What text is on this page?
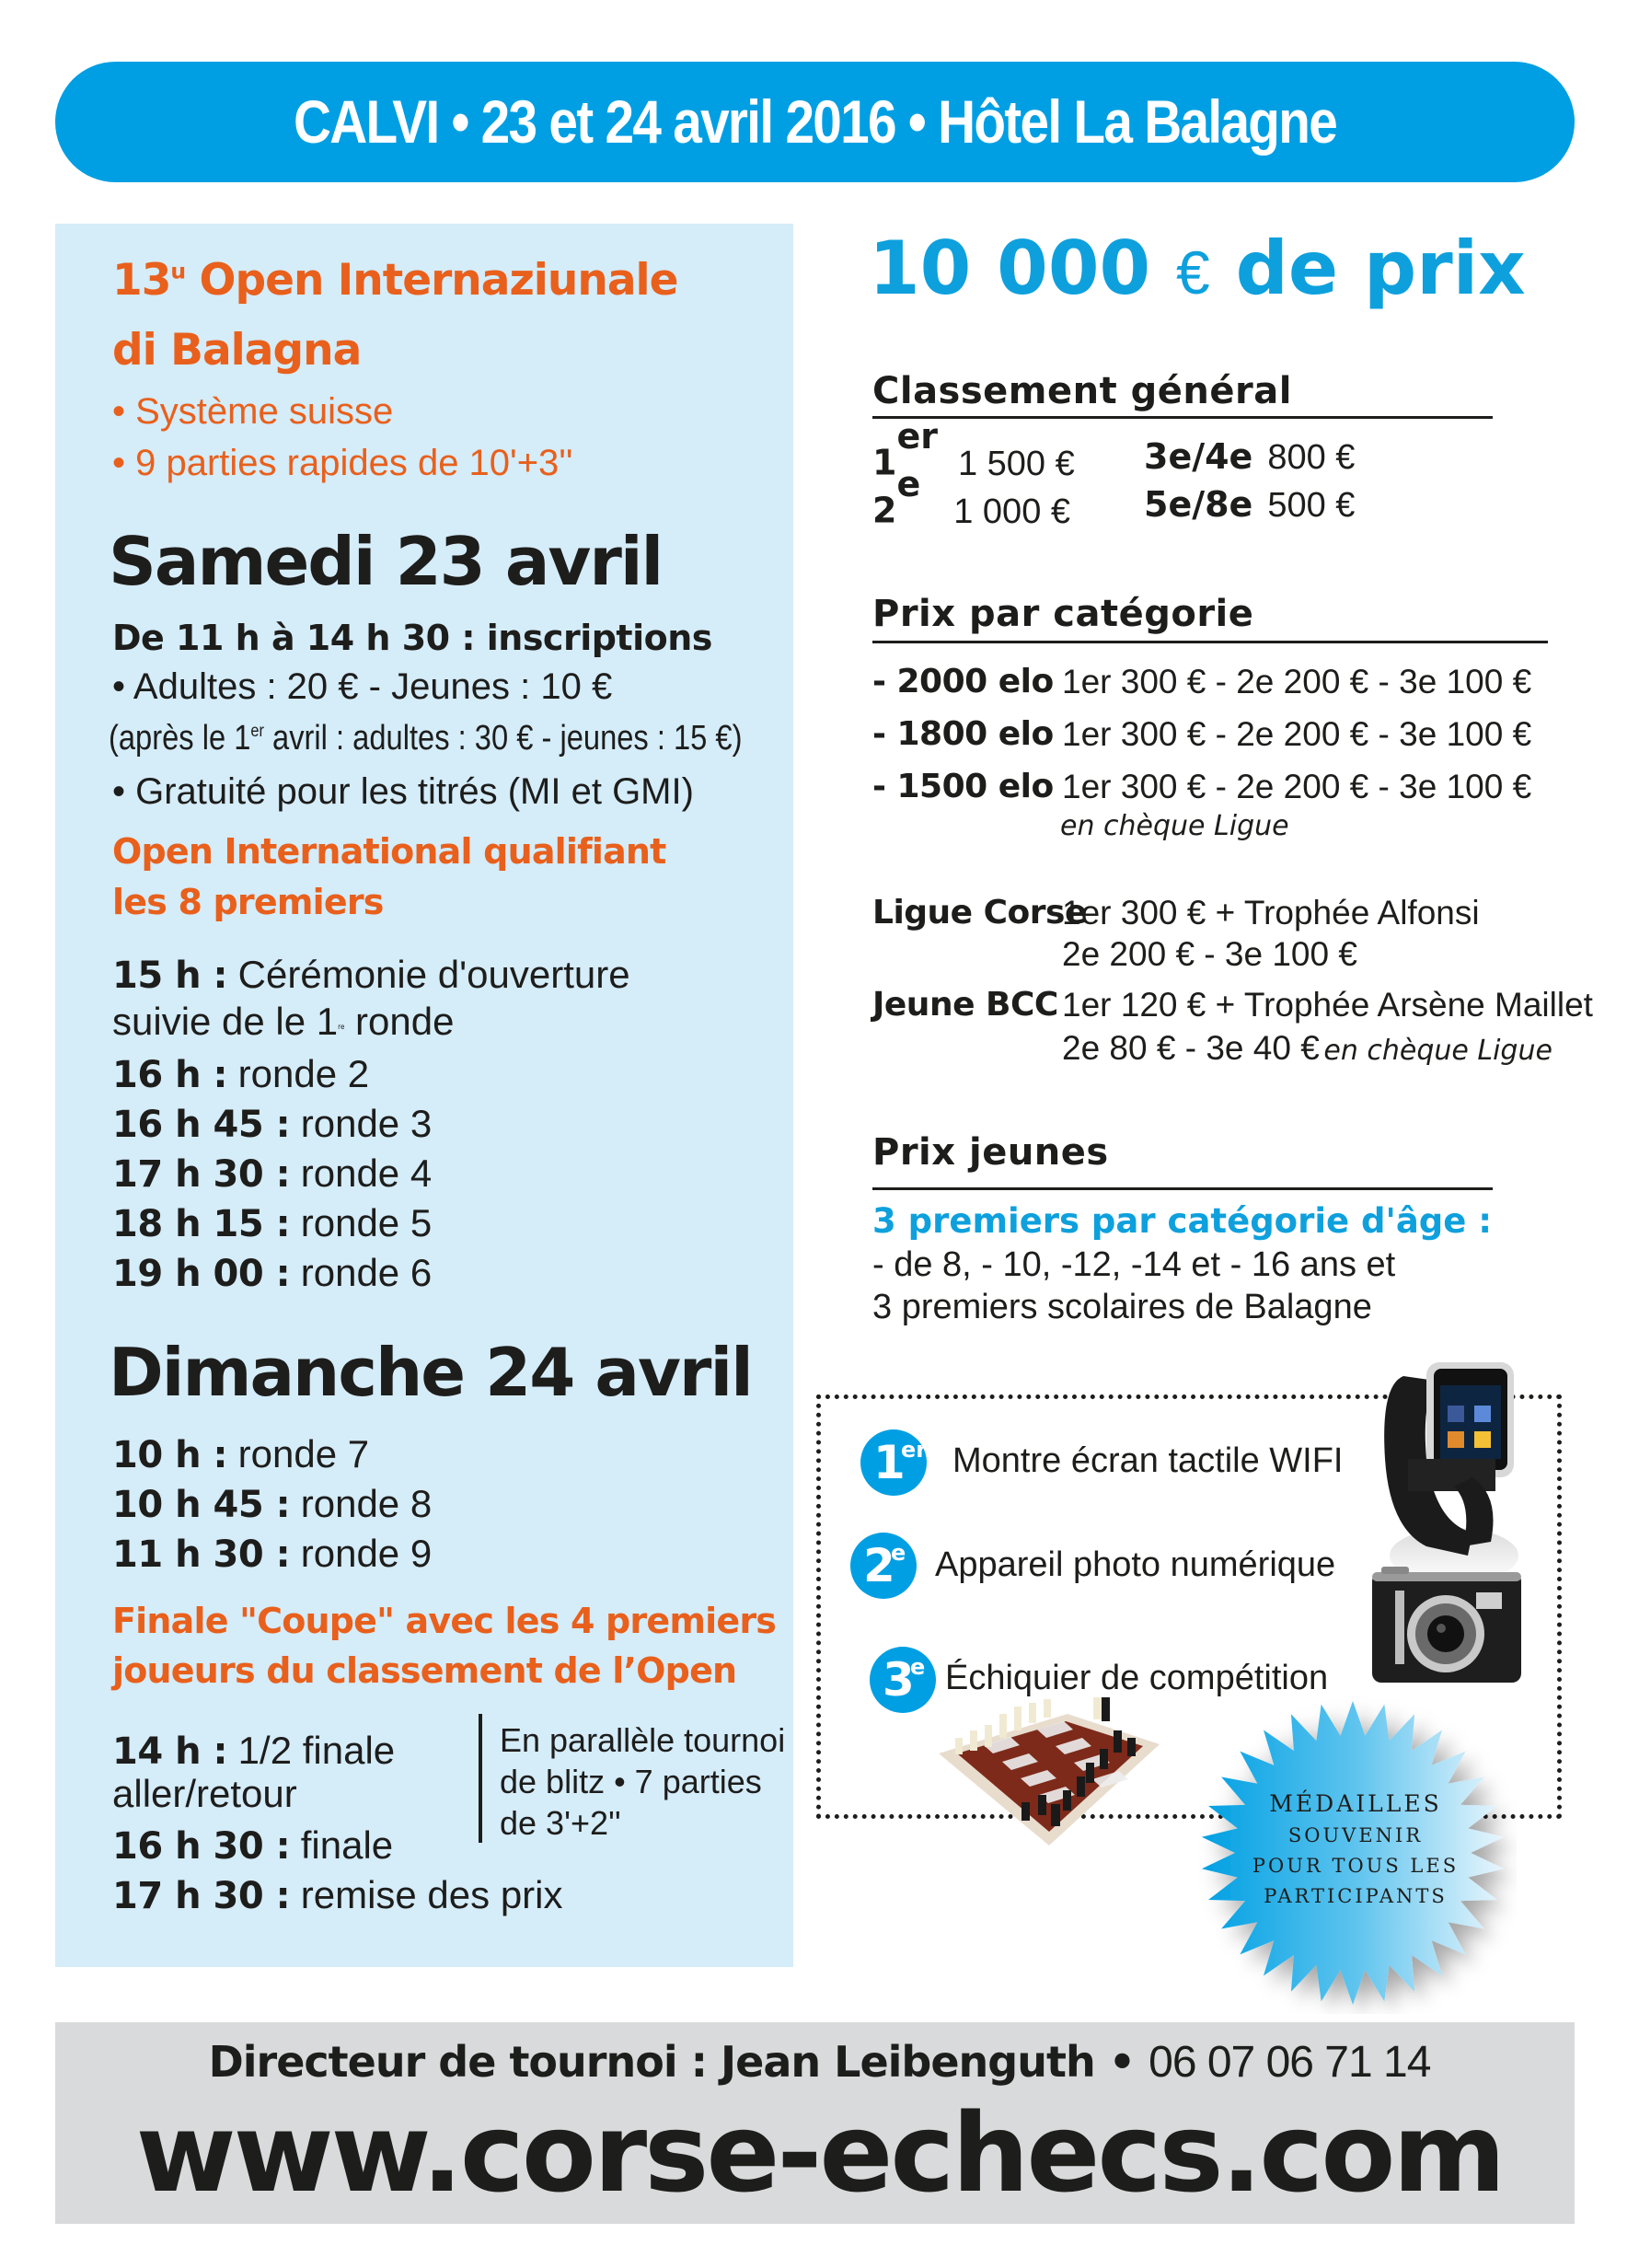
CALVI • 23 et 24 avril 2016 • Hôtel La Balagne
13$^u$ Open Internaziunale
di Balagna
• Système suisse
• 9 parties rapides de 10'+3''
Samedi 23 avril
De 11 h à 14 h 30 : inscriptions
• Adultes : 20 € - Jeunes : 10 €
(après le 1er avril : adultes : 30 € - jeunes : 15 €)
• Gratuité pour les titrés (MI et GMI)
Open International qualifiant
les 8 premiers
15 h : Cérémonie d'ouverture
suivie de le 1re ronde
16 h : ronde 2
16 h 45 : ronde 3
17 h 30 : ronde 4
18 h 15 : ronde 5
19 h 00 : ronde 6
Dimanche 24 avril
10 h : ronde 7
10 h 45 : ronde 8
11 h 30 : ronde 9
Finale "Coupe" avec les 4 premiers
joueurs du classement de l’Open
14 h : 1/2 finale
aller/retour
16 h 30 : finale
17 h 30 : remise des prix
En parallèle tournoi
de blitz • 7 parties
de 3'+2''
10 000 € de prix
Classement général
1er1 500 €
2e1 000 €
3e/4e 800 €
5e/8e 500 €
Prix par catégorie
- 2000 elo 1er 300 € - 2e 200 € - 3e 100 €
- 1800 elo 1er 300 € - 2e 200 € - 3e 100 €
- 1500 elo 1er 300 € - 2e 200 € - 3e 100 €
en chèque Ligue
Ligue Corse
1er 300 € + Trophée Alfonsi
2e 200 € - 3e 100 €
Jeune BCC 1er 120 € + Trophée Arsène Maillet
2e 80 € - 3e 40 € en chèque Ligue
Prix jeunes
3 premiers par catégorie d'âge :
- de 8, - 10, -12, -14 et - 16 ans et
3 premiers scolaires de Balagne
1
er Montre écran tactile WIFI
2
e Appareil photo numérique
3
e Échiquier de compétition
MÉDAILLES
SOUVENIR
POUR TOUS LES
PARTICIPANTS
Directeur de tournoi : Jean Leibenguth • 06 07 06 71 14
www.corse-echecs.com
